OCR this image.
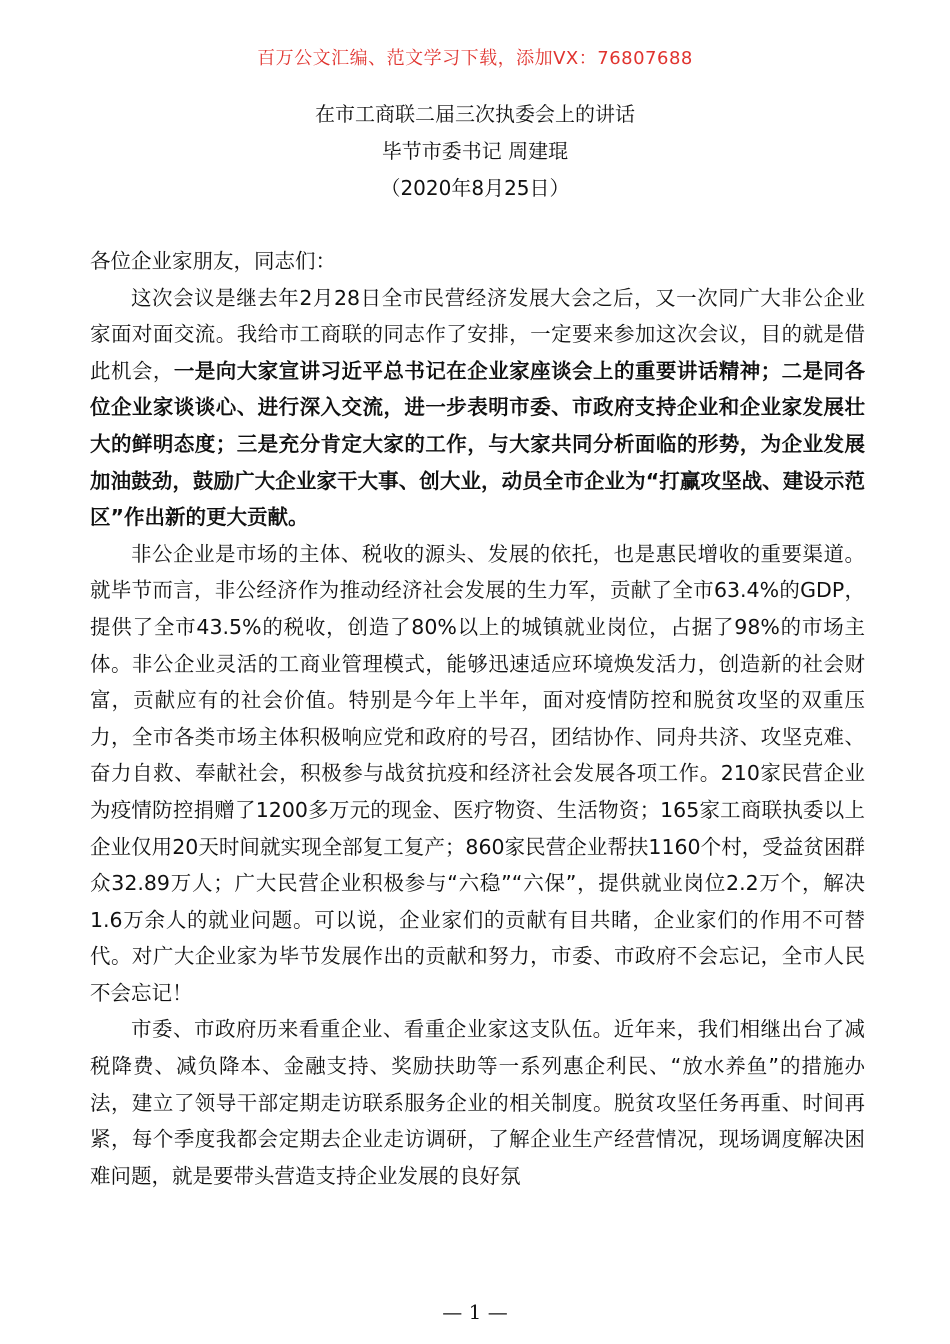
百万公文汇编、范文学习下载，添加VX：76807688
在市工商联二届三次执委会上的讲话
毕节市委书记 周建琨
（2020年8月25日）

各位企业家朋友，同志们：

这次会议是继去年2月28日全市民营经济发展大会之后，又一次同广大非公企业家面对面交流。我给市工商联的同志作了安排，一定要来参加这次会议，目的就是借此机会，一是向大家宣讲习近平总书记在企业家座谈会上的重要讲话精神；二是同各位企业家谈谈心、进行深入交流，进一步表明市委、市政府支持企业和企业家发展壮大的鲜明态度；三是充分肯定大家的工作，与大家共同分析面临的形势，为企业发展加油鼓劲，鼓励广大企业家干大事、创大业，动员全市企业为“打赢攻坚战、建设示范区”作出新的更大贡献。

非公企业是市场的主体、税收的源头、发展的依托，也是惠民增收的重要渠道。就毕节而言，非公经济作为推动经济社会发展的生力军，贡献了全市63.4%的GDP，提供了全市43.5%的税收，创造了80%以上的城镇就业岗位，占据了98%的市场主体。非公企业灵活的工商业管理模式，能够迅速适应环境焕发活力，创造新的社会财富，贡献应有的社会价值。特别是今年上半年，面对疫情防控和脱贫攻坚的双重压力，全市各类市场主体积极响应党和政府的号召，团结协作、同舟共济、攻坚克难、奋力自救、奉献社会，积极参与战贫抗疫和经济社会发展各项工作。210家民营企业为疫情防控捐赠了1200多万元的现金、医疗物资、生活物资；165家工商联执委以上企业仅用20天时间就实现全部复工复产；860家民营企业帮扶1160个村，受益贫困群众32.89万人；广大民营企业积极参与“六稳”“六保”，提供就业岗位2.2万个，解决1.6万余人的就业问题。可以说，企业家们的贡献有目共睹，企业家们的作用不可替代。对广大企业家为毕节发展作出的贡献和努力，市委、市政府不会忘记，全市人民不会忘记！

市委、市政府历来看重企业、看重企业家这支队伍。近年来，我们相继出台了减税降费、减负降本、金融支持、奖励扶助等一系列惠企利民、“放水养鱼”的措施办法，建立了领导干部定期走访联系服务企业的相关制度。脱贫攻坚任务再重、时间再紧，每个季度我都会定期去企业走访调研，了解企业生产经营情况，现场调度解决困难问题，就是要带头营造支持企业发展的良好氛

— 1 —
